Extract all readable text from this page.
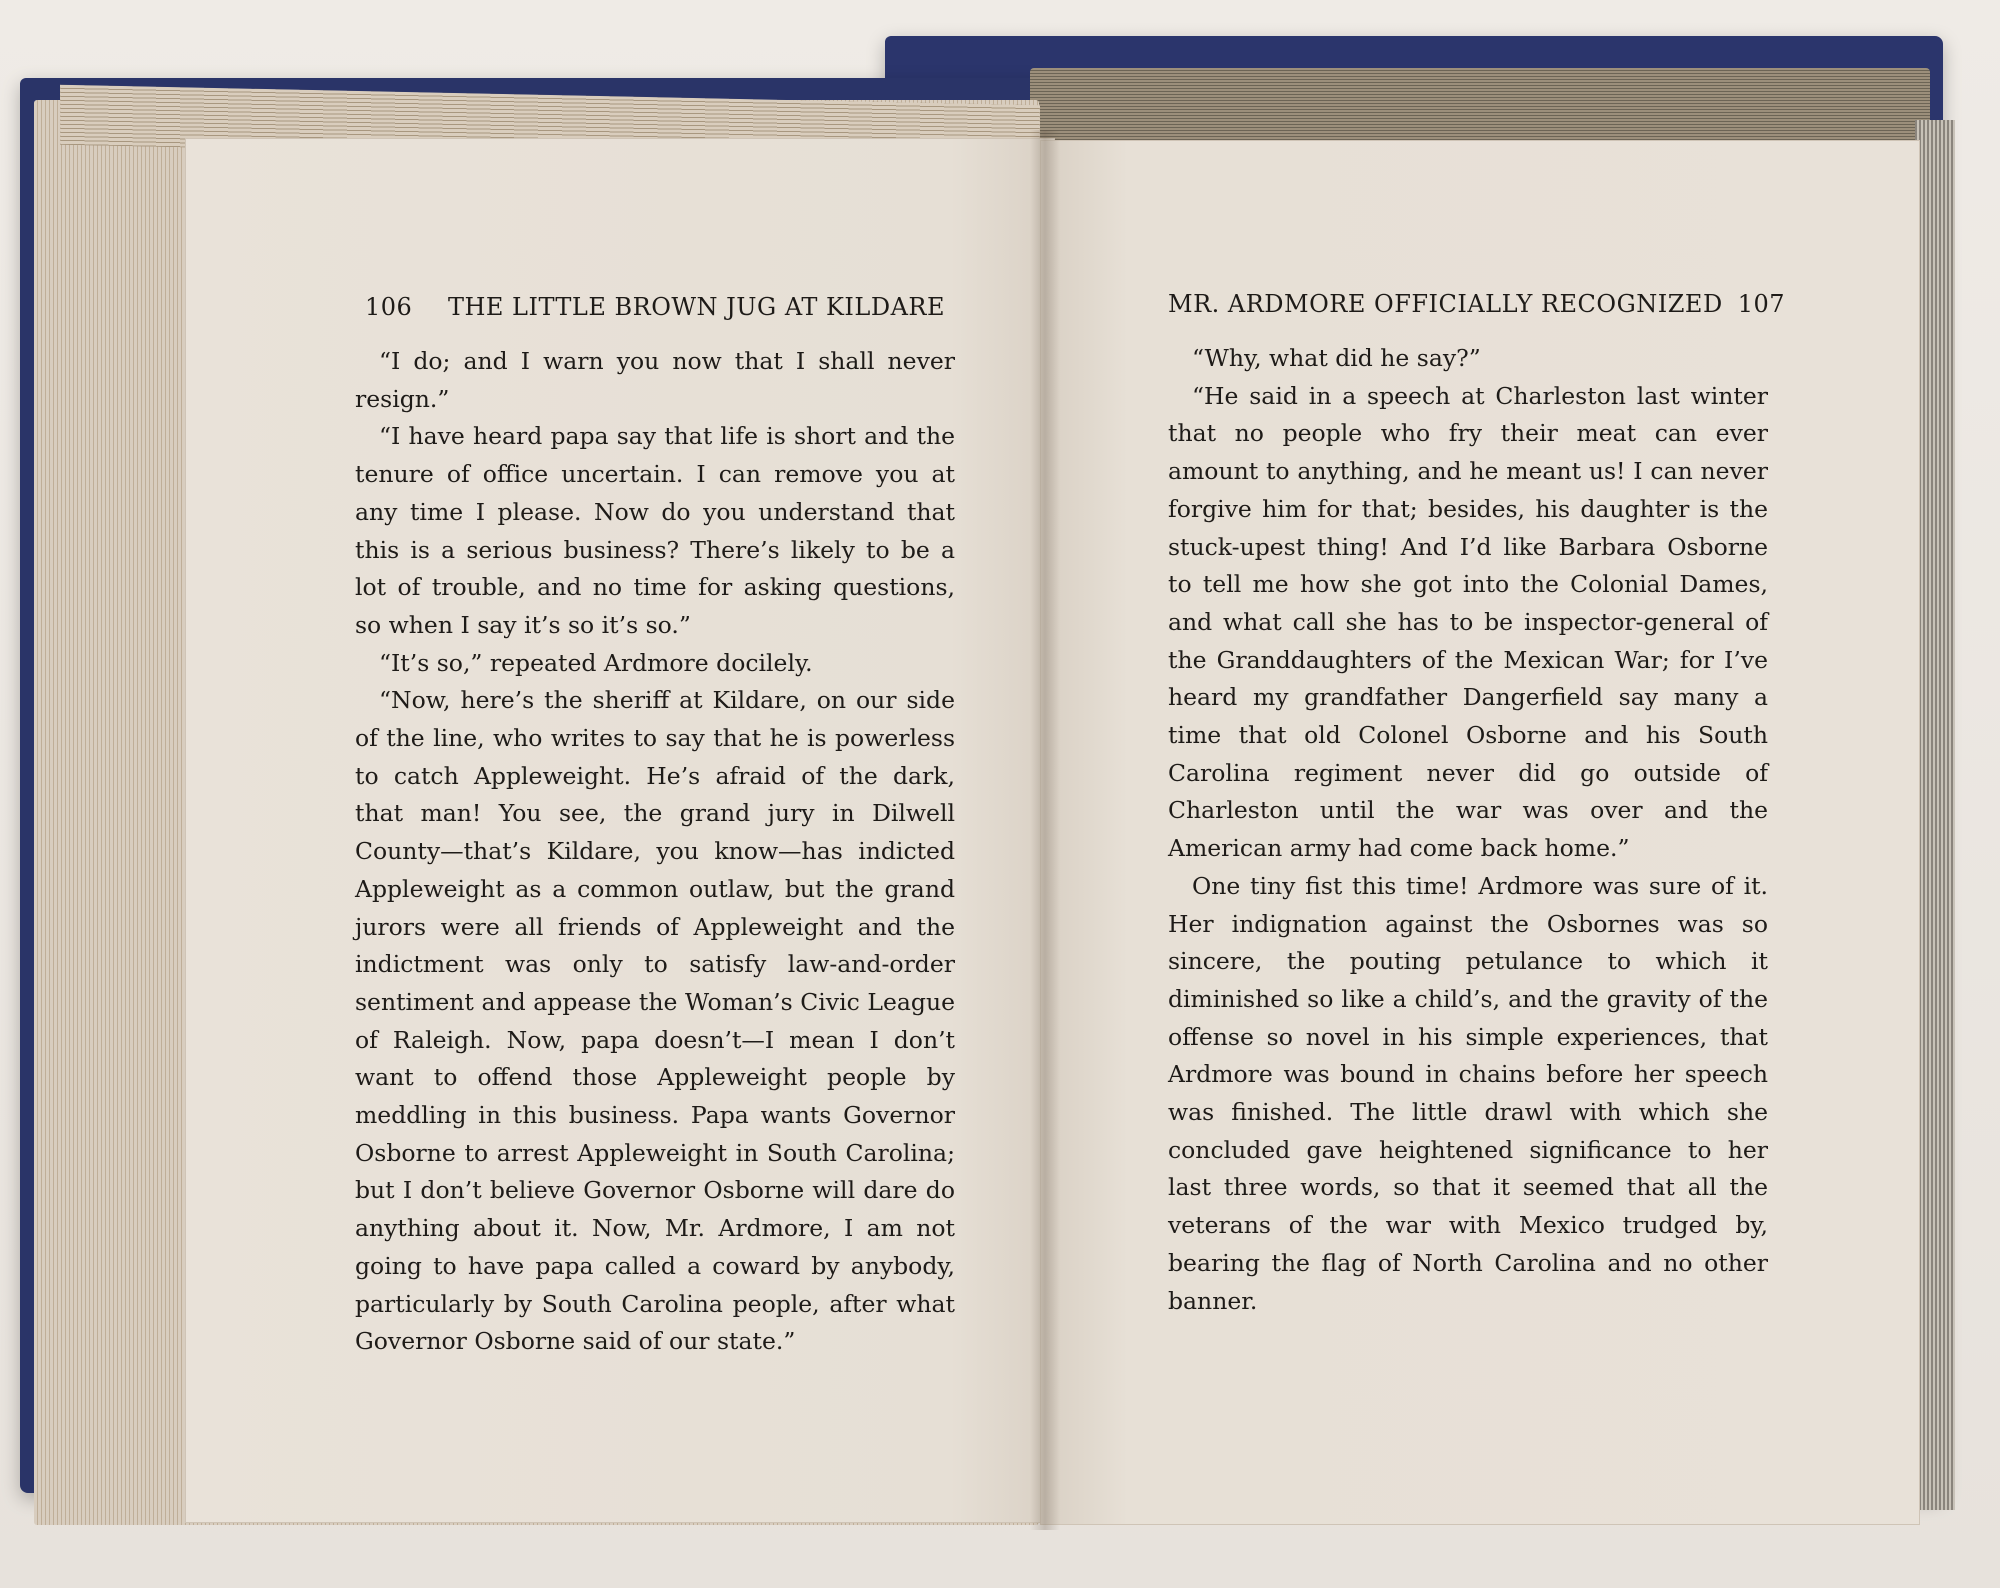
106 THE LITTLE BROWN JUG AT KILDARE

“I do; and I warn you now that I shall never resign.”

“I have heard papa say that life is short and the tenure of office uncertain. I can remove you at any time I please. Now do you understand that this is a serious business? There’s likely to be a lot of trouble, and no time for asking questions, so when I say it’s so it’s so.”

“It’s so,” repeated Ardmore docilely.

“Now, here’s the sheriff at Kildare, on our side of the line, who writes to say that he is powerless to catch Appleweight. He’s afraid of the dark, that man! You see, the grand jury in Dilwell County—that’s Kildare, you know—has indicted Appleweight as a common outlaw, but the grand jurors were all friends of Appleweight and the indictment was only to satisfy law-and-order sentiment and appease the Woman’s Civic League of Raleigh. Now, papa doesn’t—I mean I don’t want to offend those Appleweight people by meddling in this business. Papa wants Governor Osborne to arrest Appleweight in South Carolina; but I don’t believe Governor Osborne will dare do anything about it. Now, Mr. Ardmore, I am not going to have papa called a coward by anybody, particularly by South Carolina people, after what Governor Osborne said of our state.”

MR. ARDMORE OFFICIALLY RECOGNIZED 107

“Why, what did he say?”

“He said in a speech at Charleston last winter that no people who fry their meat can ever amount to anything, and he meant us! I can never forgive him for that; besides, his daughter is the stuck-upest thing! And I’d like Barbara Osborne to tell me how she got into the Colonial Dames, and what call she has to be inspector-general of the Granddaughters of the Mexican War; for I’ve heard my grandfather Dangerfield say many a time that old Colonel Osborne and his South Carolina regiment never did go outside of Charleston until the war was over and the American army had come back home.”

One tiny fist this time! Ardmore was sure of it. Her indignation against the Osbornes was so sincere, the pouting petulance to which it diminished so like a child’s, and the gravity of the offense so novel in his simple experiences, that Ardmore was bound in chains before her speech was finished. The little drawl with which she concluded gave heightened significance to her last three words, so that it seemed that all the veterans of the war with Mexico trudged by, bearing the flag of North Carolina and no other banner.
